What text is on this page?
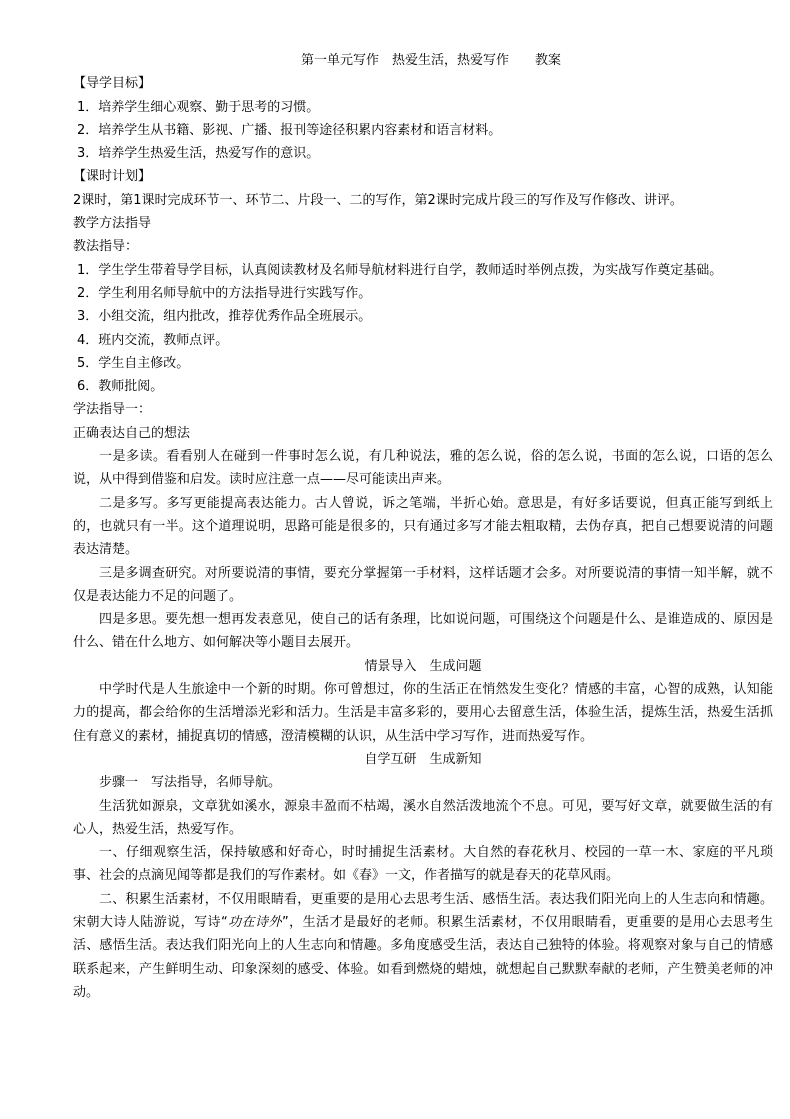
第一单元写作　热爱生活，热爱写作　　教案

【导学目标】

1．培养学生细心观察、勤于思考的习惯。

2．培养学生从书籍、影视、广播、报刊等途径积累内容素材和语言材料。

3．培养学生热爱生活，热爱写作的意识。

【课时计划】

2课时，第1课时完成环节一、环节二、片段一、二的写作，第2课时完成片段三的写作及写作修改、讲评。

教学方法指导

教法指导：

1．学生学生带着导学目标，认真阅读教材及名师导航材料进行自学，教师适时举例点拨，为实战写作奠定基础。

2．学生利用名师导航中的方法指导进行实践写作。

3．小组交流，组内批改，推荐优秀作品全班展示。

4．班内交流，教师点评。

5．学生自主修改。

6．教师批阅。

学法指导一：

正确表达自己的想法

一是多读。看看别人在碰到一件事时怎么说，有几种说法，雅的怎么说，俗的怎么说，书面的怎么说，口语的怎么说，从中得到借鉴和启发。读时应注意一点——尽可能读出声来。

二是多写。多写更能提高表达能力。古人曾说，诉之笔端，半折心始。意思是，有好多话要说，但真正能写到纸上的，也就只有一半。这个道理说明，思路可能是很多的，只有通过多写才能去粗取精，去伪存真，把自己想要说清的问题表达清楚。

三是多调查研究。对所要说清的事情，要充分掌握第一手材料，这样话题才会多。对所要说清的事情一知半解，就不仅是表达能力不足的问题了。

四是多思。要先想一想再发表意见，使自己的话有条理，比如说问题，可围绕这个问题是什么、是谁造成的、原因是什么、错在什么地方、如何解决等小题目去展开。

情景导入　生成问题

中学时代是人生旅途中一个新的时期。你可曾想过，你的生活正在悄然发生变化？情感的丰富，心智的成熟，认知能力的提高，都会给你的生活增添光彩和活力。生活是丰富多彩的，要用心去留意生活，体验生活，提炼生活，热爱生活抓住有意义的素材，捕捉真切的情感，澄清模糊的认识，从生活中学习写作，进而热爱写作。

自学互研　生成新知

步骤一　写法指导，名师导航。

生活犹如源泉，文章犹如溪水，源泉丰盈而不枯竭，溪水自然活泼地流个不息。可见，要写好文章，就要做生活的有心人，热爱生活，热爱写作。

一、仔细观察生活，保持敏感和好奇心，时时捕捉生活素材。大自然的春花秋月、校园的一草一木、家庭的平凡琐事、社会的点滴见闻等都是我们的写作素材。如《春》一文，作者描写的就是春天的花草风雨。

二、积累生活素材，不仅用眼睛看，更重要的是用心去思考生活、感悟生活。表达我们阳光向上的人生志向和情趣。宋朝大诗人陆游说，写诗“功在诗外”，生活才是最好的老师。积累生活素材，不仅用眼睛看，更重要的是用心去思考生活、感悟生活。表达我们阳光向上的人生志向和情趣。多角度感受生活，表达自己独特的体验。将观察对象与自己的情感联系起来，产生鲜明生动、印象深刻的感受、体验。如看到燃烧的蜡烛，就想起自己默默奉献的老师，产生赞美老师的冲动。
